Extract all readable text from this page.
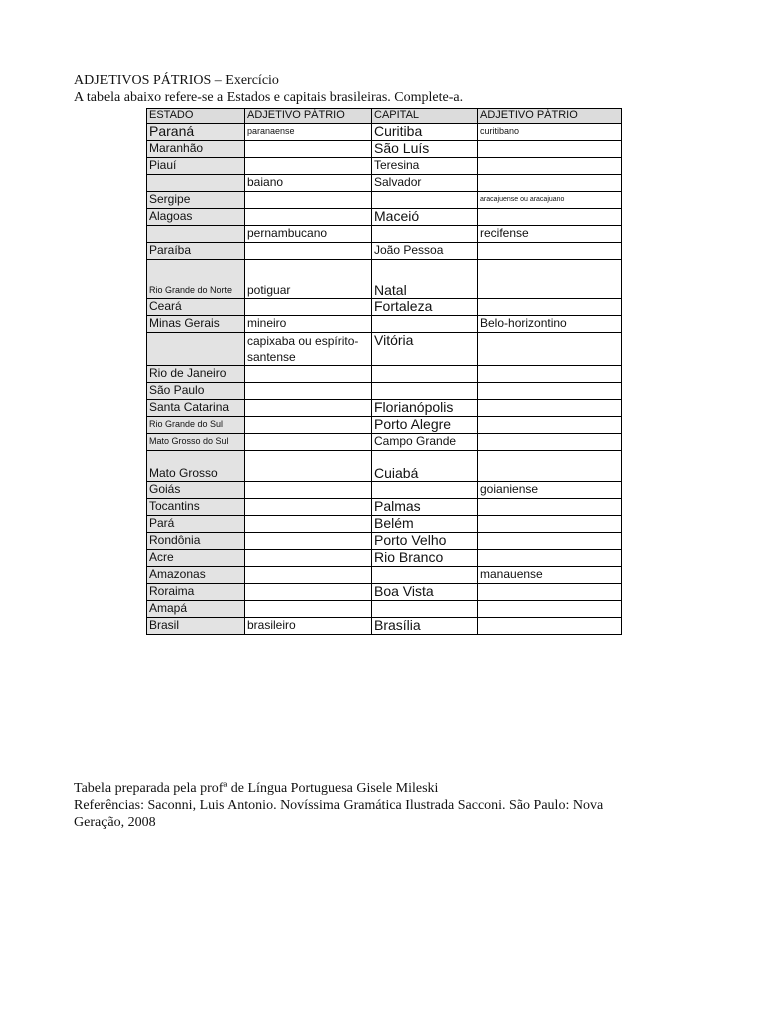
ADJETIVOS PÁTRIOS – Exercício
A tabela abaixo refere-se a Estados e capitais brasileiras. Complete-a.
ESTADO	ADJETIVO PÁTRIO	CAPITAL	ADJETIVO PÁTRIO
Paraná	paranaense	Curitiba	curitibano
Maranhão		São Luís	
Piauí		Teresina	
	baiano	Salvador	
Sergipe			aracajuense ou aracajuano
Alagoas		Maceió	
	pernambucano		recifense
Paraíba		João Pessoa	
Rio Grande do Norte	potiguar	Natal	
Ceará		Fortaleza	
Minas Gerais	mineiro		Belo-horizontino
	capixaba ou espírito-santense	Vitória	
Rio de Janeiro			
São Paulo			
Santa Catarina		Florianópolis	
Rio Grande do Sul		Porto Alegre	
Mato Grosso do Sul		Campo Grande	
Mato Grosso		Cuiabá	
Goiás			goianiense
Tocantins		Palmas	
Pará		Belém	
Rondônia		Porto Velho	
Acre		Rio Branco	
Amazonas			manauense
Roraima		Boa Vista	
Amapá			
Brasil	brasileiro	Brasília	
Tabela preparada pela profª de Língua Portuguesa Gisele Mileski
Referências: Saconni, Luis Antonio. Novíssima Gramática Ilustrada Sacconi. São Paulo: Nova
Geração, 2008
